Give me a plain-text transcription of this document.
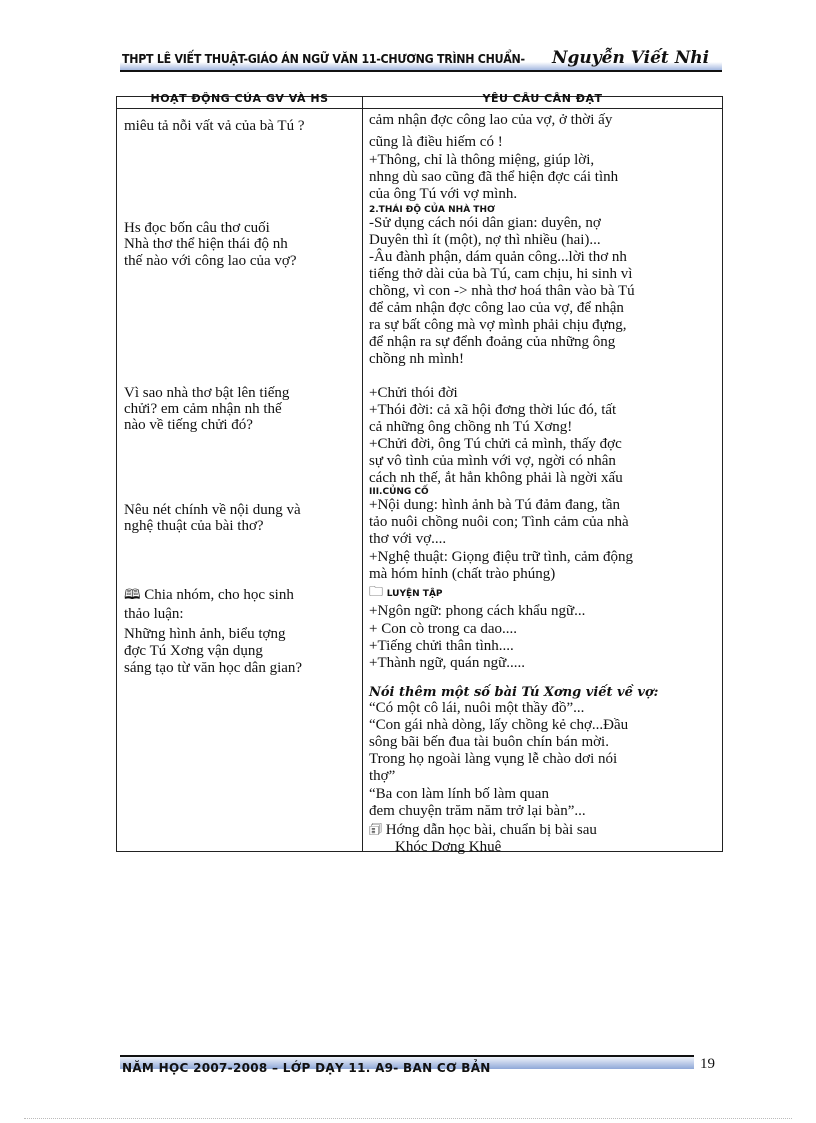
THPT LÊ VIẾT THUẬT-GIÁO ÁN NGỮ VĂN 11-CHƯƠNG TRÌNH CHUẨN- Nguyễn Viết Nhi
HOẠT ĐỘNG CỦA GV VÀ HS	YÊU CẦU CẦN ĐẠT
miêu tả nỗi vất vả của bà Tú ?
Hs đọc bốn câu thơ cuối
Nhà thơ thể hiện thái độ nh
thế nào với công lao của vợ?
Vì sao nhà thơ bật lên tiếng
chửi? em cảm nhận nh thế
nào về tiếng chửi đó?
Nêu nét chính về nội dung và
nghệ thuật của bài thơ?
🕮 Chia nhóm, cho học sinh
thảo luận:
Những hình ảnh, biểu tợng
đợc Tú Xơng vận dụng
sáng tạo từ văn học dân gian?
cảm nhận đợc công lao của vợ, ở thời ấy
cũng là điều hiếm có !
+Thông, chỉ là thông miệng, giúp lời,
nhng dù sao cũng đã thể hiện đợc cái tình
của ông Tú với vợ mình.
2.THÁI ĐỘ CỦA NHÀ THƠ
-Sử dụng cách nói dân gian: duyên, nợ
Duyên thì ít (một), nợ thì nhiều (hai)...
-Âu đành phận, dám quản công...lời thơ nh
tiếng thở dài của bà Tú, cam chịu, hi sinh vì
chồng, vì con -> nhà thơ hoá thân vào bà Tú
để cảm nhận đợc công lao của vợ, để nhận
ra sự bất công mà vợ mình phải chịu đựng,
để nhận ra sự đểnh đoảng của những ông
chồng nh mình!
+Chửi thói đời
+Thói đời: cả xã hội đơng thời lúc đó, tất
cả những ông chồng nh Tú Xơng!
+Chửi đời, ông Tú chửi cả mình, thấy đợc
sự vô tình của mình với vợ, ngời có nhân
cách nh thế, ắt hẳn không phải là ngời xấu
III.CỦNG CỐ
+Nội dung: hình ảnh bà Tú đảm đang, tần
tảo nuôi chồng nuôi con; Tình cảm của nhà
thơ với vợ....
+Nghệ thuật: Giọng điệu trữ tình, cảm động
mà hóm hỉnh (chất trào phúng)
🗀 LUYỆN TẬP
+Ngôn ngữ: phong cách khẩu ngữ...
+ Con cò trong ca dao....
+Tiếng chửi thân tình....
+Thành ngữ, quán ngữ.....
Nói thêm một số bài Tú Xơng viết về vợ:
“Có một cô lái, nuôi một thầy đồ”...
“Con gái nhà dòng, lấy chồng kẻ chợ...Đầu
sông bãi bến đua tài buôn chín bán mời.
Trong họ ngoài làng vụng lễ chào dơi nói
thợ”
“Ba con làm lính bố làm quan
đem chuyện trăm năm trở lại bàn”...
🗊 Hớng dẫn học bài, chuẩn bị bài sau
Khóc Dơng Khuê
NĂM HỌC 2007-2008 – LỚP DẠY 11. A9- BAN CƠ BẢN	19
